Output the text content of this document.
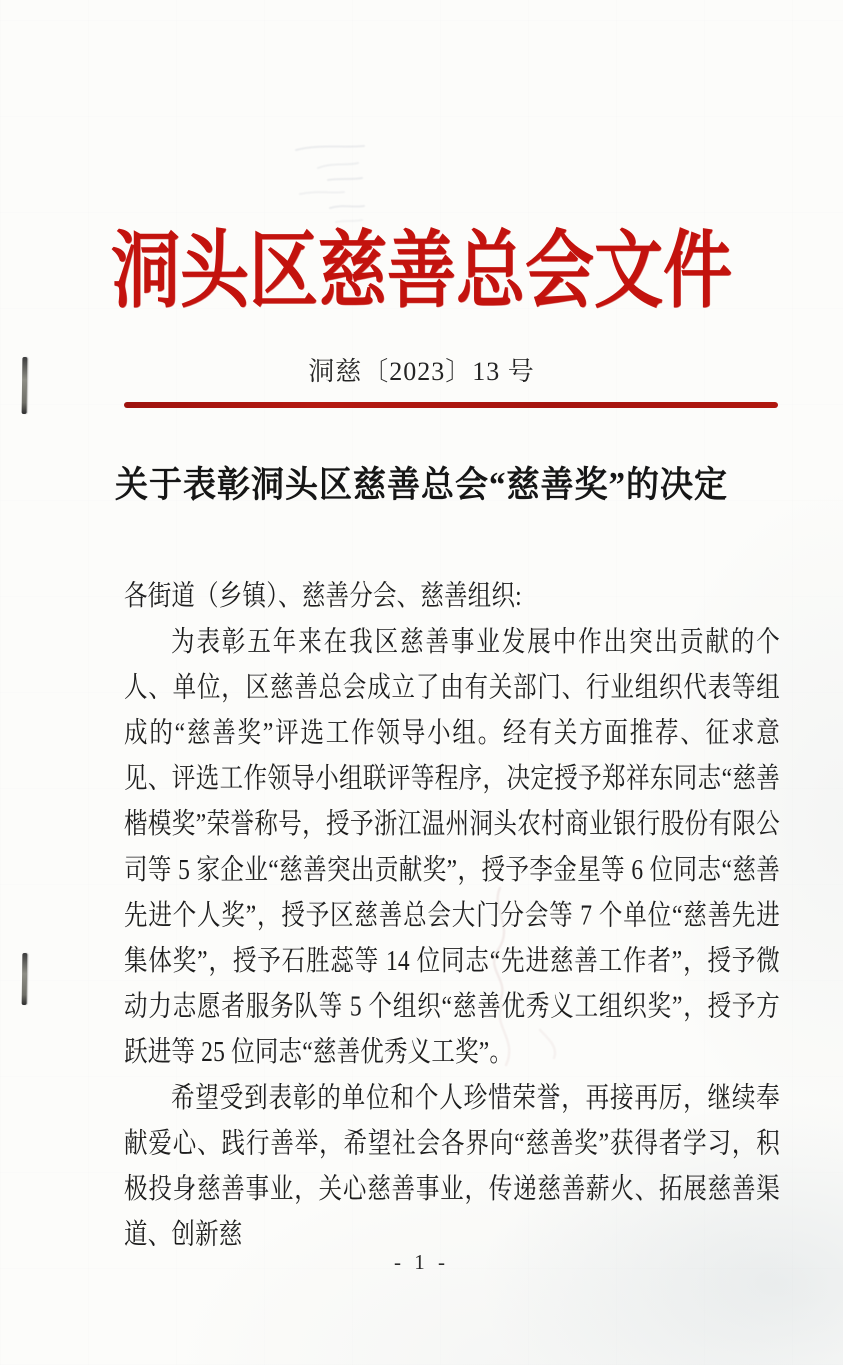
洞头区慈善总会文件
洞慈〔2023〕13 号
关于表彰洞头区慈善总会“慈善奖”的决定

各街道（乡镇）、慈善分会、慈善组织:

为表彰五年来在我区慈善事业发展中作出突出贡献的个人、单位，区慈善总会成立了由有关部门、行业组织代表等组成的“慈善奖”评选工作领导小组。经有关方面推荐、征求意见、评选工作领导小组联评等程序，决定授予郑祥东同志“慈善楷模奖”荣誉称号，授予浙江温州洞头农村商业银行股份有限公司等 5 家企业“慈善突出贡献奖”，授予李金星等 6 位同志“慈善先进个人奖”，授予区慈善总会大门分会等 7 个单位“慈善先进集体奖”，授予石胜蕊等 14 位同志“先进慈善工作者”，授予微动力志愿者服务队等 5 个组织“慈善优秀义工组织奖”，授予方跃进等 25 位同志“慈善优秀义工奖”。

希望受到表彰的单位和个人珍惜荣誉，再接再厉，继续奉献爱心、践行善举，希望社会各界向“慈善奖”获得者学习，积极投身慈善事业，关心慈善事业，传递慈善薪火、拓展慈善渠道、创新慈

- 1 -
